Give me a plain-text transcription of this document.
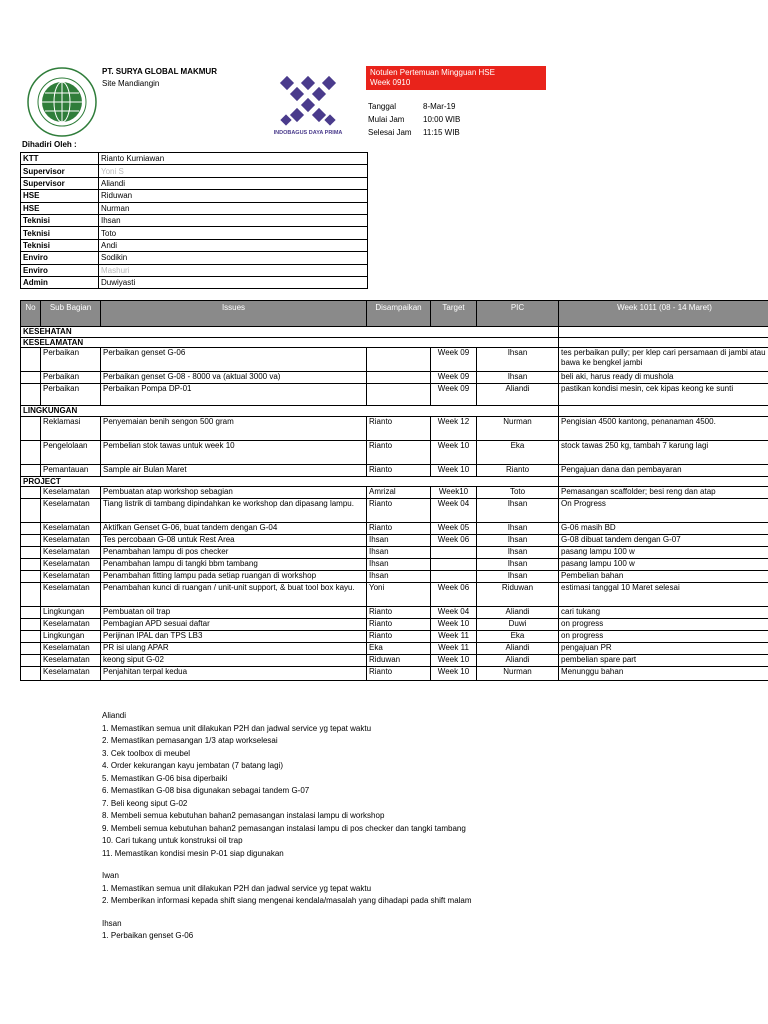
PT. SURYA GLOBAL MAKMUR
Site Mandiangin
INDOBAGUS DAYA PRIMA
Notulen Pertemuan Mingguan HSE
Week 0910
Tanggal	8-Mar-19
Mulai Jam 10:00 WIB
Selesai Jam 11:15 WIB
Dihadiri Oleh :
KTT	Rianto Kurniawan
Supervisor	Yoni S
Supervisor	Aliandi
HSE	Riduwan
HSE	Nurman
Teknisi	Ihsan
Teknisi	Toto
Teknisi	Andi
Enviro	Sodikin
Enviro	Mashuri
Admin	Duwiyasti
No	Sub Bagian	Issues	Disampaikan	Target	PIC	Week 1011 (08 - 14 Maret)
KESEHATAN						
KESELAMATAN						
	Perbaikan	Perbaikan genset G-06		Week 09	Ihsan	tes perbaikan pully; per klep cari persamaan di jambi atau bawa ke bengkel jambi
	Perbaikan	Perbaikan genset G-08 - 8000 va (aktual 3000 va)		Week 09	Ihsan	beli aki, harus ready di mushola
	Perbaikan	Perbaikan Pompa DP-01		Week 09	Aliandi	pastikan kondisi mesin, cek kipas keong ke sunti
LINGKUNGAN						
	Reklamasi	Penyemaian benih sengon 500 gram	Rianto	Week 12	Nurman	Pengisian 4500 kantong, penanaman 4500.
	Pengelolaan	Pembelian stok tawas untuk week 10	Rianto	Week 10	Eka	stock tawas 250 kg, tambah 7 karung lagi
	Pemantauan	Sample air Bulan Maret	Rianto	Week 10	Rianto	Pengajuan dana dan pembayaran
PROJECT						
	Keselamatan	Pembuatan atap workshop sebagian	Amrizal	Week10	Toto	Pemasangan scaffolder; besi reng dan atap
	Keselamatan	Tiang listrik di tambang dipindahkan ke workshop dan dipasang lampu.	Rianto	Week 04	Ihsan	On Progress
	Keselamatan	Aktifkan Genset G-06, buat tandem dengan G-04	Rianto	Week 05	Ihsan	G-06 masih BD
	Keselamatan	Tes percobaan G-08 untuk Rest Area	Ihsan	Week 06	Ihsan	G-08 dibuat tandem dengan G-07
	Keselamatan	Penambahan lampu di pos checker	Ihsan		Ihsan	pasang lampu 100 w
	Keselamatan	Penambahan lampu di tangki bbm tambang	Ihsan		Ihsan	pasang lampu 100 w
	Keselamatan	Penambahan fitting lampu pada setiap ruangan di workshop	Ihsan		Ihsan	Pembelian bahan
	Keselamatan	Penambahan kunci di ruangan / unit-unit support, & buat tool box kayu.	Yoni	Week 06	Riduwan	estimasi tanggal 10 Maret selesai
	Lingkungan	Pembuatan oil trap	Rianto	Week 04	Aliandi	cari tukang
	Keselamatan	Pembagian APD sesuai daftar	Rianto	Week 10	Duwi	on progress
	Lingkungan	Perijinan IPAL dan TPS LB3	Rianto	Week 11	Eka	on progress
	Keselamatan	PR isi ulang APAR	Eka	Week 11	Aliandi	pengajuan PR
	Keselamatan	keong siput G-02	Riduwan	Week 10	Aliandi	pembelian spare part
	Keselamatan	Penjahitan terpal kedua	Rianto	Week 10	Nurman	Menunggu bahan

Aliandi

1. Memastikan semua unit dilakukan P2H dan jadwal service yg tepat waktu

2. Memastikan pemasangan 1/3 atap workselesai

3. Cek toolbox di meubel

4. Order kekurangan kayu jembatan (7 batang lagi)

5. Memastikan G-06 bisa diperbaiki

6. Memastikan G-08 bisa digunakan sebagai tandem G-07

7. Beli keong siput G-02

8. Membeli semua kebutuhan bahan2 pemasangan instalasi lampu di workshop

9. Membeli semua kebutuhan bahan2 pemasangan instalasi lampu di pos checker dan tangki tambang

10. Cari tukang untuk konstruksi oil trap

11. Memastikan kondisi mesin P-01 siap digunakan

Iwan

1. Memastikan semua unit dilakukan P2H dan jadwal service yg tepat waktu

2. Memberikan informasi kepada shift siang mengenai kendala/masalah yang dihadapi pada shift malam

Ihsan

1. Perbaikan genset G-06
